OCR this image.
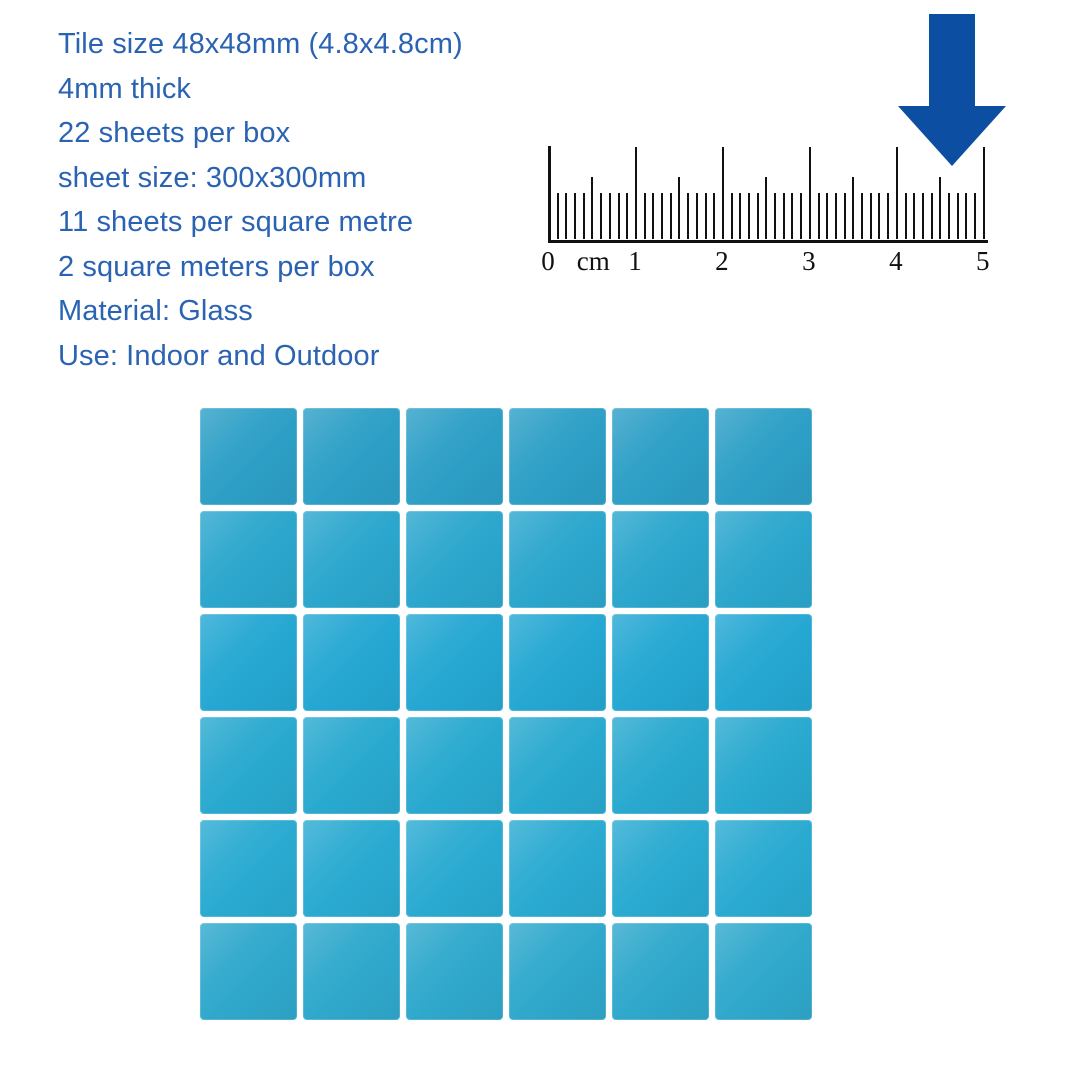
Tile size 48x48mm (4.8x4.8cm)
4mm thick
22 sheets per box
sheet size: 300x300mm
11 sheets per square metre
2 square meters per box
Material: Glass
Use: Indoor and Outdoor
0	1	2	3	4	5
cm
